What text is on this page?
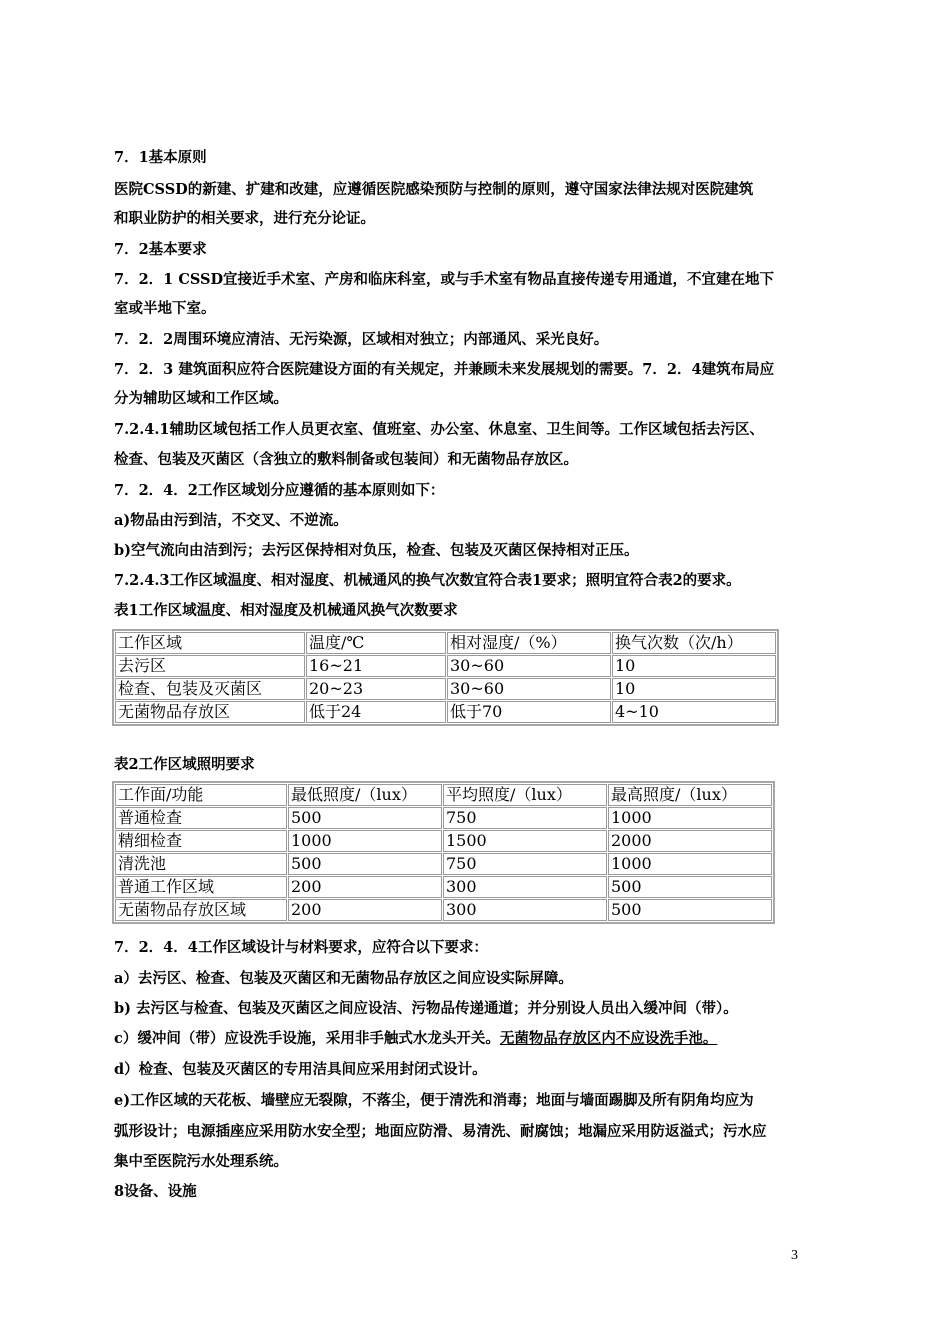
7．1基本原则
医院CSSD的新建、扩建和改建，应遵循医院感染预防与控制的原则，遵守国家法律法规对医院建筑
和职业防护的相关要求，进行充分论证。
7．2基本要求
7．2．1 CSSD宜接近手术室、产房和临床科室，或与手术室有物品直接传递专用通道，不宜建在地下
室或半地下室。
7．2．2周围环境应清洁、无污染源，区域相对独立；内部通风、采光良好。
7．2．3 建筑面积应符合医院建设方面的有关规定，并兼顾未来发展规划的需要。7．2．4建筑布局应
分为辅助区域和工作区域。
7.2.4.1辅助区域包括工作人员更衣室、值班室、办公室、休息室、卫生间等。工作区域包括去污区、
检查、包装及灭菌区（含独立的敷料制备或包装间）和无菌物品存放区。
7．2．4．2工作区域划分应遵循的基本原则如下：
a)物品由污到洁，不交叉、不逆流。
b)空气流向由洁到污；去污区保持相对负压，检查、包装及灭菌区保持相对正压。
7.2.4.3工作区域温度、相对湿度、机械通风的换气次数宜符合表1要求；照明宜符合表2的要求。
表1工作区域温度、相对湿度及机械通风换气次数要求
工作区域	温度/℃	相对湿度/（%）	换气次数（次/h）
去污区	16~21	30~60	10
检查、包装及灭菌区	20~23	30~60	10
无菌物品存放区	低于24	低于70	4~10
表2工作区域照明要求
工作面/功能	最低照度/（lux）	平均照度/（lux）	最高照度/（lux）
普通检查	500	750	1000
精细检查	1000	1500	2000
清洗池	500	750	1000
普通工作区域	200	300	500
无菌物品存放区域	200	300	500
7．2．4．4工作区域设计与材料要求，应符合以下要求：
a）去污区、检查、包装及灭菌区和无菌物品存放区之间应设实际屏障。
b) 去污区与检查、包装及灭菌区之间应设洁、污物品传递通道；并分别设人员出入缓冲间（带）。
c）缓冲间（带）应设洗手设施，采用非手触式水龙头开关。无菌物品存放区内不应设洗手池。
d）检查、包装及灭菌区的专用洁具间应采用封闭式设计。
e)工作区域的天花板、墙壁应无裂隙，不落尘，便于清洗和消毒；地面与墙面踢脚及所有阴角均应为
弧形设计；电源插座应采用防水安全型；地面应防滑、易清洗、耐腐蚀；地漏应采用防返溢式；污水应
集中至医院污水处理系统。
8设备、设施
3
